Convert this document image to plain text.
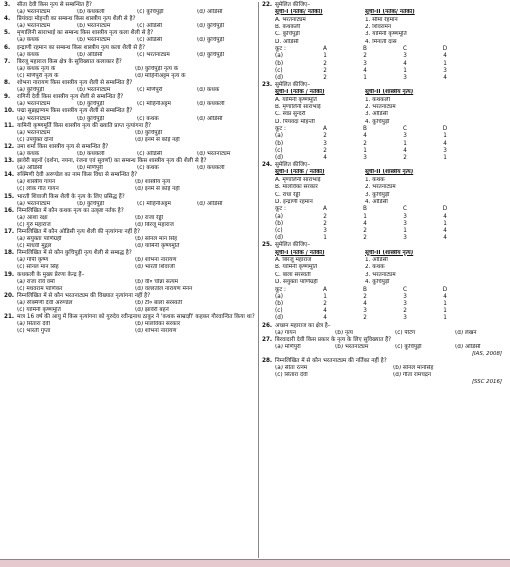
3.	सीता देवी किस नृत्य से सम्बन्धित हैं?
(a) भरतनाट्यम	(b) कथकली	(c) कुचिपुड़ी	(d) ओडिसी
4.	प्रियंवदा मोहन्ती का सम्बन्ध किस शास्त्रीय नृत्य शैली से है?
(a) भरतनाट्यम	(b) भरतनाट्यम	(c) ओडिसी	(d) कुचिपुड़ी
5.	मृणालिनी साराभाई का सम्बन्ध किस शास्त्रीय नृत्य कला शैली से है?
(a) कथक	(b) भरतनाट्यम	(c) ओडिसी	(d) कुचिपुड़ी
6.	इन्द्राणी रहमान का सम्बन्ध किस शास्त्रीय नृत्य कला शैली से है?
(a) कथक	(b) ओडिसी	(c) भरतनाट्यम	(d) कुचिपुड़ी
7.	बिरजू महाराज किस क्षेत्र के सुविख्यात कलाकार हैं?
(a) कथक नृत्य के	(b) कुचिपुड़ी नृत्य के
(c) मणिपुरी नृत्य के	(d) मोहिनीअट्टम नृत्य के
8.	शोभना नारायण किस शास्त्रीय नृत्य शैली से सम्बन्धित हैं?
(a) कुचिपुड़ी	(b) भरतनाट्यम	(c) मणिपुरी	(d) कथक
9.	रागिनी देवी किस शास्त्रीय नृत्य शैली से सम्बन्धित हैं?
(a) भरतनाट्यम	(b) कुचिपुड़ी	(c) मोहिनीअट्टम	(d) कथकली
10. पद्मा सुब्रह्मण्यम किस शास्त्रीय नृत्य शैली से सम्बन्धित हैं?
(a) भरतनाट्यम	(b) कुचिपुड़ी	(c) कथक	(d) ओडिसी
11. यामिनी कृष्णमूर्ति किस शास्त्रीय नृत्य की ख्याति प्राप्त नृत्यांगना हैं?
(a) भरतनाट्यम	(b) कुचिपुड़ी
(c) उपर्युक्त दोनों	(d) इनमें से कोई नहीं
12. उमा शर्मा किस शास्त्रीय नृत्य से सम्बन्धित हैं?
(a) कथक	(b) कथकली	(c) ओडिसी	(d) भरतनाट्यम
13. झावेरी बहनों (दर्शना, नयना, रंजना एवं सुवर्णा) का सम्बन्ध किस शास्त्रीय नृत्य की शैली से है?
(a) ओडिसी	(b) मणिपुरी	(c) कथक	(d) कथकली
14. रुक्मिणी देवी अरुण्डेल का नाम किस विधा से सम्बन्धित है?
(a) शास्त्रीय गायन	(b) शास्त्रीय नृत्य
(c) लोक गीत गायन	(d) इनमें से कोई नहीं
15. भारती शिवाजी किस शैली के नृत्य के लिए प्रसिद्ध हैं?
(a) भरतनाट्यम	(b) कुचिपुड़ी	(c) मोहिनीअट्टम	(d) ओडिसी
16. निम्नलिखित में कौन कथक नृत्य का उत्कृष्ट नर्तक है?
(a) आशा रक्षा	(b) राजा रेड्डी
(c) गुरु महाराज	(d) बिरजू महाराज
17. निम्नलिखित में कौन ओडिसी नृत्य शैली की नृत्यांगना नहीं है?
(a) संयुक्ता पाणिग्रही	(b) सोनल मान सिंह
(c) माधवी मुद्गल	(d) यामिनी कृष्णमूर्ति
18. निम्नलिखित में से कौन कुचिपुड़ी नृत्य शैली से सम्बद्ध है?
(a) गोपी कृष्ण	(b) शोभना नारायण
(c) सोनल मान सिंह	(d) भारती शिवाजी
19. कथकली के मुख्य प्रेरणा केन्द्र हैं–
(a) राजा रवि वर्मा	(b) वी० चौन्ना सत्यम
(c) मधवराम पाणिकर	(d) वल्लतोल नारायण मेनन
20. निम्नलिखित में से कौन भरतनाट्यम की विख्यात नृत्यांगना नहीं है?
(a) रुक्मिणी देवी अरुण्डेल	(b) टी० बाला सरस्वती
(c) यामिनी कृष्णमूर्ति	(d) झावेरी बहनें
21. मात्र 16 वर्ष की आयु में किस नृत्यांगना को गुरुदेव रवीन्द्रनाथ ठाकुर ने 'कथक साम्राज्ञी' कहकर गौरवान्वित किया था?
(a) सितारा देवी	(b) मालविका सरकार
(c) भारती गुप्ता	(d) शोभना नारायण
22. सुमेलित कीजिए–
सूची-I (नर्तक/ नर्तकी)	सूची-II (नर्तक/ नर्तकी)
A. भरतनाट्यम	1. सीमा रेहमान
B. कथकली	2. शिवरामन
C. कुचिपुड़ी	3. यामिनी कृष्णमूर्ति
D. ओडिसी	4. मिनाती दास
कूट :	A	B	C	D
(a)	1	2	3	4
(b)	2	3	4	1
(c)	2	4	1	3
(d)	2	1	3	4
23. सुमेलित कीजिए–
सूची-I (नर्तक / नर्तकी)	सूची-II (शास्त्रीय नृत्य)
A. यामिनी कृष्णमूर्ति	1. कथकली
B. मृणालिनी साराभाई	2. भरतनाट्यम
C. स्वप्न सुन्दरी	3. ओडिसी
D. पियंवदा मोहन्ती	4. कुचिपुड़ी
कूट :	A	B	C	D
(a)	2	4	3	1
(b)	3	2	1	4
(c)	2	1	4	3
(d)	4	3	2	1
24. सुमेलित कीजिए–
सूची-I (नर्तक / नर्तकी)	सूची-II (शास्त्रीय नृत्य)
A. मृणालिनी साराभाई	1. कथक
B. मालविका सरकार	2. भरतनाट्यम
C. राधा रेड्डी	3. कुचिपुड़ी
D. इन्द्राणी रहमान	4. ओडिसी
कूट :	A	B	C	D
(a)	2	1	3	4
(b)	2	4	3	1
(c)	3	2	1	4
(d)	1	2	3	4
25. सुमेलित कीजिए–
सूची-I (नर्तक / नर्तकी)	सूची-II (शास्त्रीय नृत्य)
A. बिरजू महाराज	1. ओडिसी
B. यामिनी कृष्णमूर्ति	2. कथक
C. बाला सरस्वती	3. भरतनाट्यम
D. संयुक्ता पाणिग्रही	4. कुचिपुड़ी
कूट :	A	B	C	D
(a)	1	2	3	4
(b)	2	4	3	1
(c)	4	3	2	1
(d)	4	2	3	1
26. अच्छन महाराज का क्षेत्र है–
(a) गायन	(b) नृत्य	(c) पेंटिंग	(d) लेखन
27. बिरवादारी देवी किस प्रकार के नृत्य के लिए सुविख्यात हैं?
(a) मणिपुरी	(b) भरतनाट्यम	(c) कुचिपुड़ी	(d) ओडिसी
[IAS, 2008]
28. निम्नलिखित में से कौन भरतनाट्यम की नर्तिका नहीं है?
(a) सीता रत्नम	(b) सोनल मानसिंह
(c) सितारा देवी	(d) गीता रामचंद्रन
[SSC 2016]
